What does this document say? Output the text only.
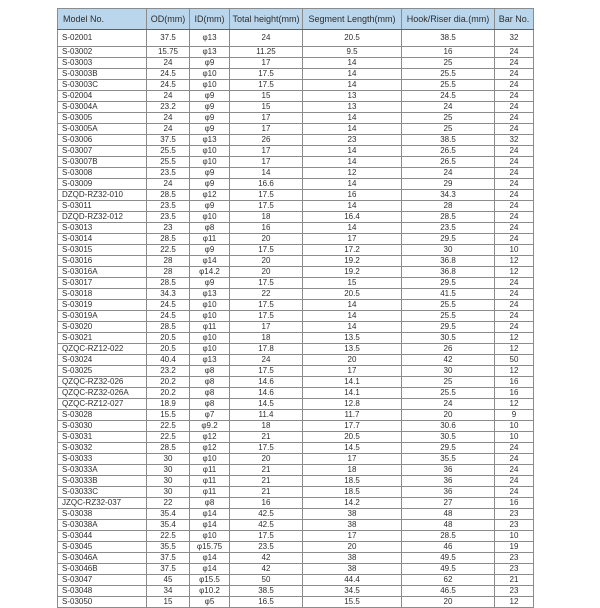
Model No.	OD(mm)	ID(mm)	Total height(mm)	Segment Length(mm)	Hook/Riser dia.(mm)	Bar No.
S-02001	37.5	φ13	24	20.5	38.5	32
S-03002	15.75	φ13	11.25	9.5	16	24
S-03003	24	φ9	17	14	25	24
S-03003B	24.5	φ10	17.5	14	25.5	24
S-03003C	24.5	φ10	17.5	14	25.5	24
S-02004	24	φ9	15	13	24.5	24
S-03004A	23.2	φ9	15	13	24	24
S-03005	24	φ9	17	14	25	24
S-03005A	24	φ9	17	14	25	24
S-03006	37.5	φ13	26	23	38.5	32
S-03007	25.5	φ10	17	14	26.5	24
S-03007B	25.5	φ10	17	14	26.5	24
S-03008	23.5	φ9	14	12	24	24
S-03009	24	φ9	16.6	14	29	24
DZQD-RZ32-010	28.5	φ12	17.5	16	34.3	24
S-03011	23.5	φ9	17.5	14	28	24
DZQD-RZ32-012	23.5	φ10	18	16.4	28.5	24
S-03013	23	φ8	16	14	23.5	24
S-03014	28.5	φ11	20	17	29.5	24
S-03015	22.5	φ9	17.5	17.2	30	10
S-03016	28	φ14	20	19.2	36.8	12
S-03016A	28	φ14.2	20	19.2	36.8	12
S-03017	28.5	φ9	17.5	15	29.5	24
S-03018	34.3	φ13	22	20.5	41.5	24
S-03019	24.5	φ10	17.5	14	25.5	24
S-03019A	24.5	φ10	17.5	14	25.5	24
S-03020	28.5	φ11	17	14	29.5	24
S-03021	20.5	φ10	18	13.5	30.5	12
QZQC-RZ12-022	20.5	φ10	17.8	13.5	26	12
S-03024	40.4	φ13	24	20	42	50
S-03025	23.2	φ8	17.5	17	30	12
QZQC-RZ32-026	20.2	φ8	14.6	14.1	25	16
QZQC-RZ32-026A	20.2	φ8	14.6	14.1	25.5	16
QZQC-RZ12-027	18.9	φ8	14.5	12.8	24	12
S-03028	15.5	φ7	11.4	11.7	20	9
S-03030	22.5	φ9.2	18	17.7	30.6	10
S-03031	22.5	φ12	21	20.5	30.5	10
S-03032	28.5	φ12	17.5	14.5	29.5	24
S-03033	30	φ10	20	17	35.5	24
S-03033A	30	φ11	21	18	36	24
S-03033B	30	φ11	21	18.5	36	24
S-03033C	30	φ11	21	18.5	36	24
JZQC-RZ32-037	22	φ8	16	14.2	27	16
S-03038	35.4	φ14	42.5	38	48	23
S-03038A	35.4	φ14	42.5	38	48	23
S-03044	22.5	φ10	17.5	17	28.5	10
S-03045	35.5	φ15.75	23.5	20	46	19
S-03046A	37.5	φ14	42	38	49.5	23
S-03046B	37.5	φ14	42	38	49.5	23
S-03047	45	φ15.5	50	44.4	62	21
S-03048	34	φ10.2	38.5	34.5	46.5	23
S-03050	15	φ5	16.5	15.5	20	12
